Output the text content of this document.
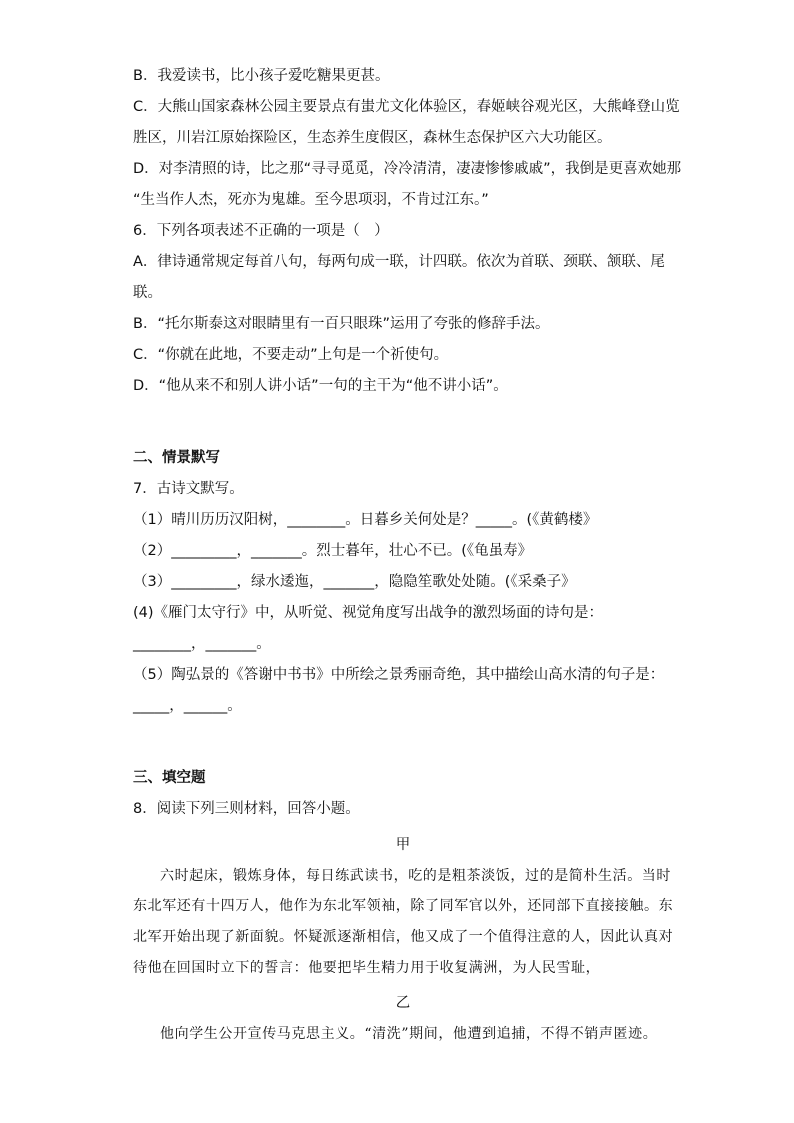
B．我爱读书，比小孩子爱吃糖果更甚。
C．大熊山国家森林公园主要景点有蚩尤文化体验区，春姬峡谷观光区，大熊峰登山览
胜区，川岩江原始探险区，生态养生度假区，森林生态保护区六大功能区。
D．对李清照的诗，比之那“寻寻觅觅，冷冷清清，凄凄惨惨戚戚”，我倒是更喜欢她那
“生当作人杰，死亦为鬼雄。至今思项羽，不肯过江东。”
6．下列各项表述不正确的一项是（　）
A．律诗通常规定每首八句，每两句成一联，计四联。依次为首联、颈联、颔联、尾
联。
B．“托尔斯泰这对眼睛里有一百只眼珠”运用了夸张的修辞手法。
C．“你就在此地，不要走动”上句是一个祈使句。
D．“他从来不和别人讲小话”一句的主干为“他不讲小话”。
二、情景默写
7．古诗文默写。
（1）晴川历历汉阳树，________。日暮乡关何处是？_____。(《黄鹤楼》
（2）_________，_______。烈士暮年，壮心不已。(《龟虽寿》
（3）_________，绿水逶迤，_______，隐隐笙歌处处随。(《采桑子》
(4)《雁门太守行》中，从听觉、视觉角度写出战争的激烈场面的诗句是：
________，_______。
（5）陶弘景的《答谢中书书》中所绘之景秀丽奇绝，其中描绘山高水清的句子是：
_____，______。
三、填空题
8．阅读下列三则材料，回答小题。
甲
六时起床，锻炼身体，每日练武读书，吃的是粗茶淡饭，过的是简朴生活。当时
东北军还有十四万人，他作为东北军领袖，除了同军官以外，还同部下直接接触。东
北军开始出现了新面貌。怀疑派逐渐相信，他又成了一个值得注意的人，因此认真对
待他在回国时立下的誓言：他要把毕生精力用于收复满洲，为人民雪耻，
乙
他向学生公开宣传马克思主义。“清洗”期间，他遭到追捕，不得不销声匿迹。
